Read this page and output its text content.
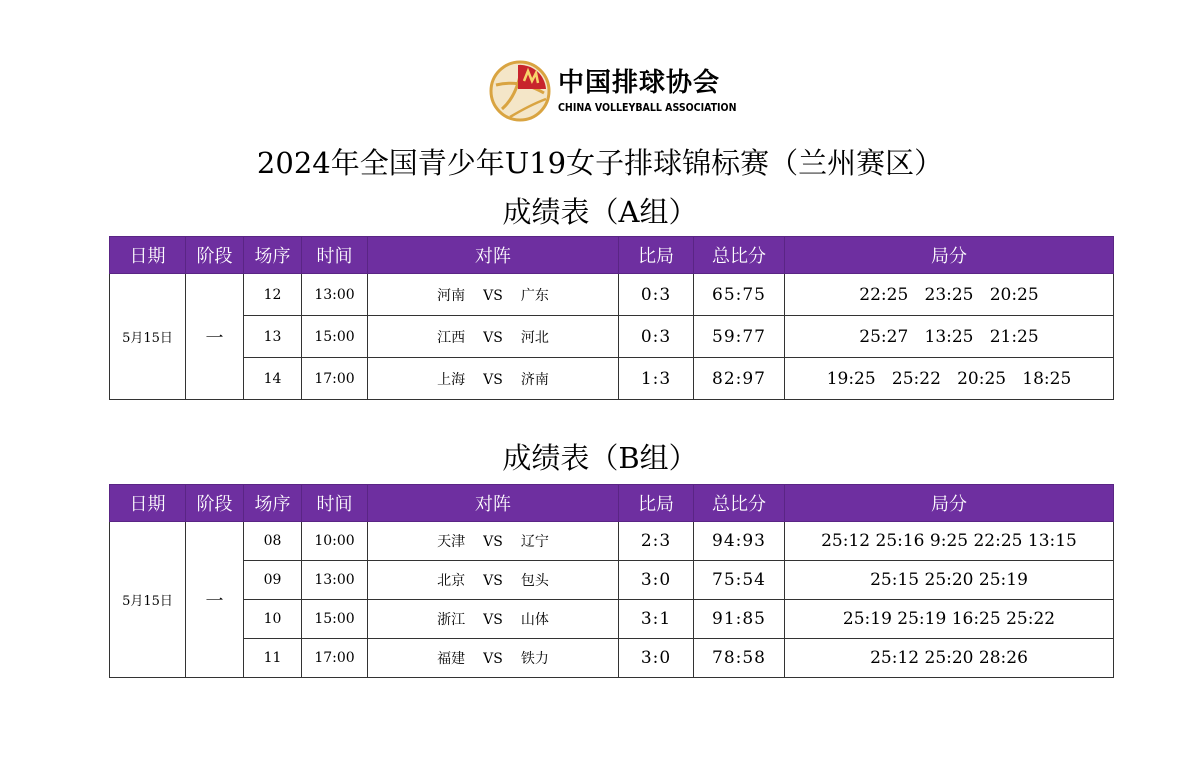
中国排球协会
CHINA VOLLEYBALL ASSOCIATION
2024年全国青少年U19女子排球锦标赛（兰州赛区）
成绩表（A组）
日期	阶段	场序	时间	对阵	比局	总比分	局分
5月15日	一	12	13:00	河南 VS 广东	0:3	65:75	22:25   23:25   20:25
		13	15:00	江西 VS 河北	0:3	59:77	25:27   13:25   21:25
		14	17:00	上海 VS 济南	1:3	82:97	19:25   25:22   20:25   18:25
成绩表（B组）
日期	阶段	场序	时间	对阵	比局	总比分	局分
5月15日	一	08	10:00	天津 VS 辽宁	2:3	94:93	25:12 25:16 9:25 22:25 13:15
		09	13:00	北京 VS 包头	3:0	75:54	25:15 25:20 25:19
		10	15:00	浙江 VS 山体	3:1	91:85	25:19 25:19 16:25 25:22
		11	17:00	福建 VS 铁力	3:0	78:58	25:12 25:20 28:26
